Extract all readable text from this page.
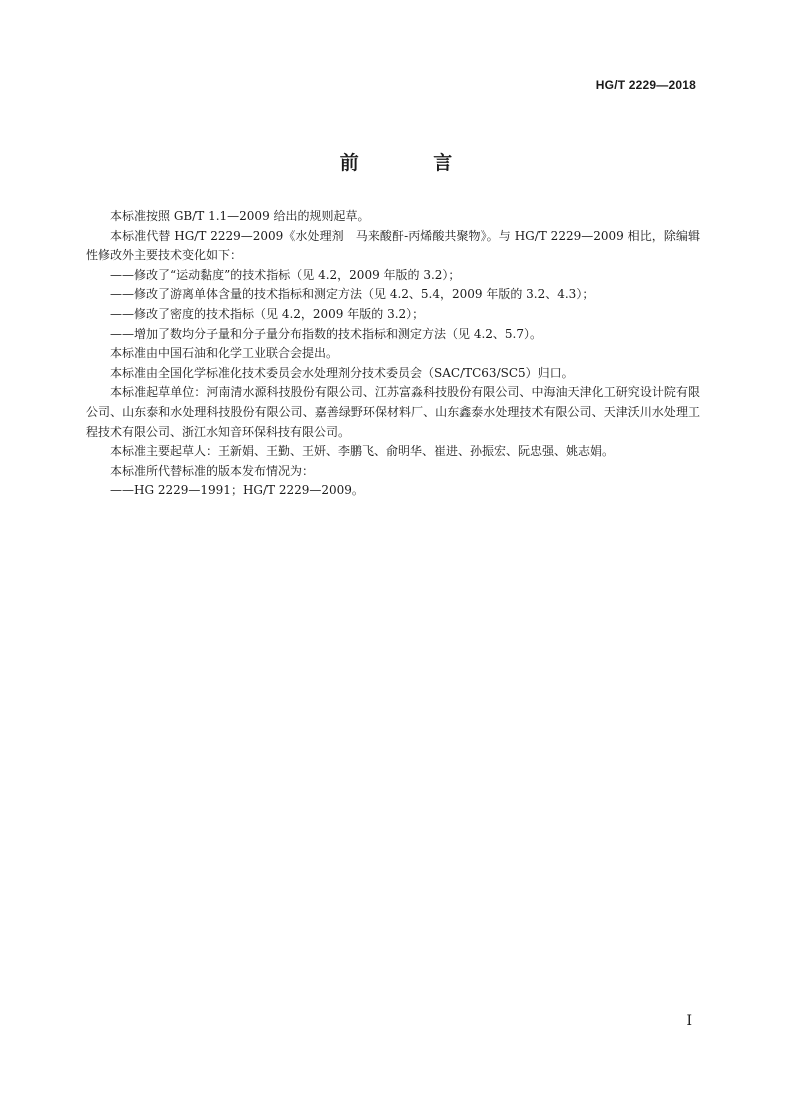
HG/T 2229—2018
前 言

本标准按照 GB/T 1.1—2009 给出的规则起草。

本标准代替 HG/T 2229—2009《水处理剂　马来酸酐-丙烯酸共聚物》。与 HG/T 2229—2009 相比，除编辑性修改外主要技术变化如下：

——修改了“运动黏度”的技术指标（见 4.2，2009 年版的 3.2）；

——修改了游离单体含量的技术指标和测定方法（见 4.2、5.4，2009 年版的 3.2、4.3）；

——修改了密度的技术指标（见 4.2，2009 年版的 3.2）；

——增加了数均分子量和分子量分布指数的技术指标和测定方法（见 4.2、5.7）。

本标准由中国石油和化学工业联合会提出。

本标准由全国化学标准化技术委员会水处理剂分技术委员会（SAC/TC63/SC5）归口。

本标准起草单位：河南清水源科技股份有限公司、江苏富淼科技股份有限公司、中海油天津化工研究设计院有限公司、山东泰和水处理科技股份有限公司、嘉善绿野环保材料厂、山东鑫泰水处理技术有限公司、天津沃川水处理工程技术有限公司、浙江水知音环保科技有限公司。

本标准主要起草人：王新娟、王勤、王妍、李鹏飞、俞明华、崔进、孙振宏、阮忠强、姚志娟。

本标准所代替标准的版本发布情况为：

——HG 2229—1991；HG/T 2229—2009。

I
